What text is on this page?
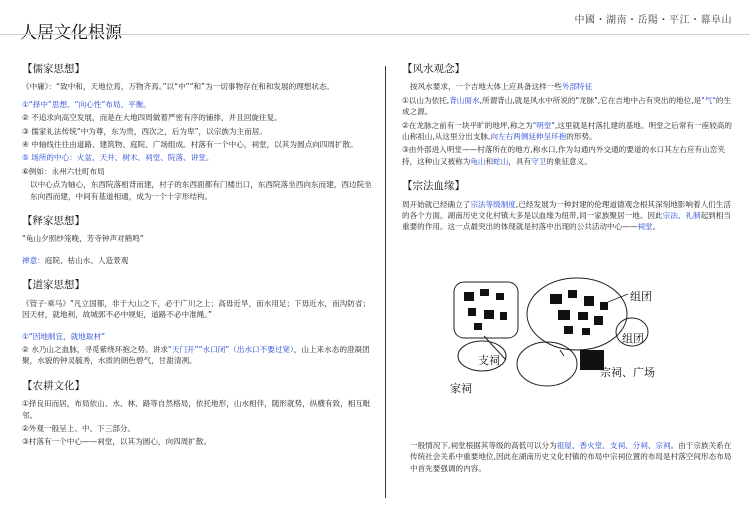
人居文化根源
中國・湖南・岳陽・平江・幕阜山
【儒家思想】
《中庸》：“致中和，天地位焉，万物齐焉。”以“中”“和”为一切事物存在和和发展的理想状态。
①“择中”思想、“向心性”布局、平衡。
② 不追求向高空发展，而是在大地四周做着严密有序的铺排，并且回旋往复。
③ 儒家礼法传统“中为尊，东为贵，西次之，后为卑”，以宗族为主而居。
④ 中轴线往往由道路、建筑物、庭院、广场组成。村落有一个中心，祠堂，以其为圆点向四周扩散。
⑤ 场所的中心：火盆、天井、树木、祠堂、院落、讲堂。
⑥例如：永州六壮町布局
以中心点为轴心，东西院落相背而建，村子的东西面都有门楼出口，东西院落坐西向东而建，西边院坐东向西而建，中间有基道相通，成为一个十字形结构。
【释家思想】
“龟山夕照纱笼晚，芳寺钟声对鹤鸣”
禅意：庭院、枯山水、人造景观
【道家思想】
《管子·乘马》“凡立国都，非于大山之下，必于广川之上；高毋近旱，而水用足；下毋近水，而沟防省；因天材，就地利，故城郭不必中规矩，道路不必中准绳。”
①“因地制宜，就地取材”
② 水乃山之血脉，寻觅紫绕环抱之势。讲求“天门开”“水口闭”（出水口不要过宽），山上来水态的澄凝团聚，水貌的钟灵毓秀，水质的朗色碧气，甘甜清冽。
【农耕文化】
①择良田而居，布局依山、水、林、路等自然格局，依托地形，山水相伴，随形就势，纵横有致，相互毗邻。
②外观一般呈上、中、下三部分。
③村落有一个中心——祠堂，以其为圆心，向四周扩散。
【风水观念】
按风水要求，一个吉地大体上应具备这样一些外部特征
①以山为依托,背山面水,所谓背山,就是风水中所说的"龙脉",它在吉地中占有突出的地位,是"气"的生成之源。
②在龙脉之前有一块平旷的地坪,称之为"明堂",这里就是村落扎建的基地。明堂之后常有一座较高的山称祖山,从这里分出支脉,向左右两侧延伸呈环抱的形势。
③由外部进入明堂——村落所在的地方,称水口,作为勾通内外交通的要道的水口其左右应有山峦夹持，这种山又被称为龟山和蛇山，具有守卫的象征意义。
【宗法血缘】
周开始就已经确立了宗法等级制度,已经发展为一种封建的伦理道德观念根其深刻地影响着人们生活的各个方面。湖南历史文化村镇大多是以血缘为纽带,同一家族聚居一地。因此宗法、礼制起到相当重要的作用。这一点最突出的体现就是村落中出现的公共活动中心——祠堂。
组团
组团
支祠
宗祠、广场
家祠
一般情况下,祠堂根据其等级的高低可以分为祖屋、香火堂、支祠、分祠、宗祠。由于宗族关系在传统社会关系中重要地位,因此在湖南历史文化村镇的布局中宗祠位置的布局是村落空间形态布局中首先要强调的内容。
